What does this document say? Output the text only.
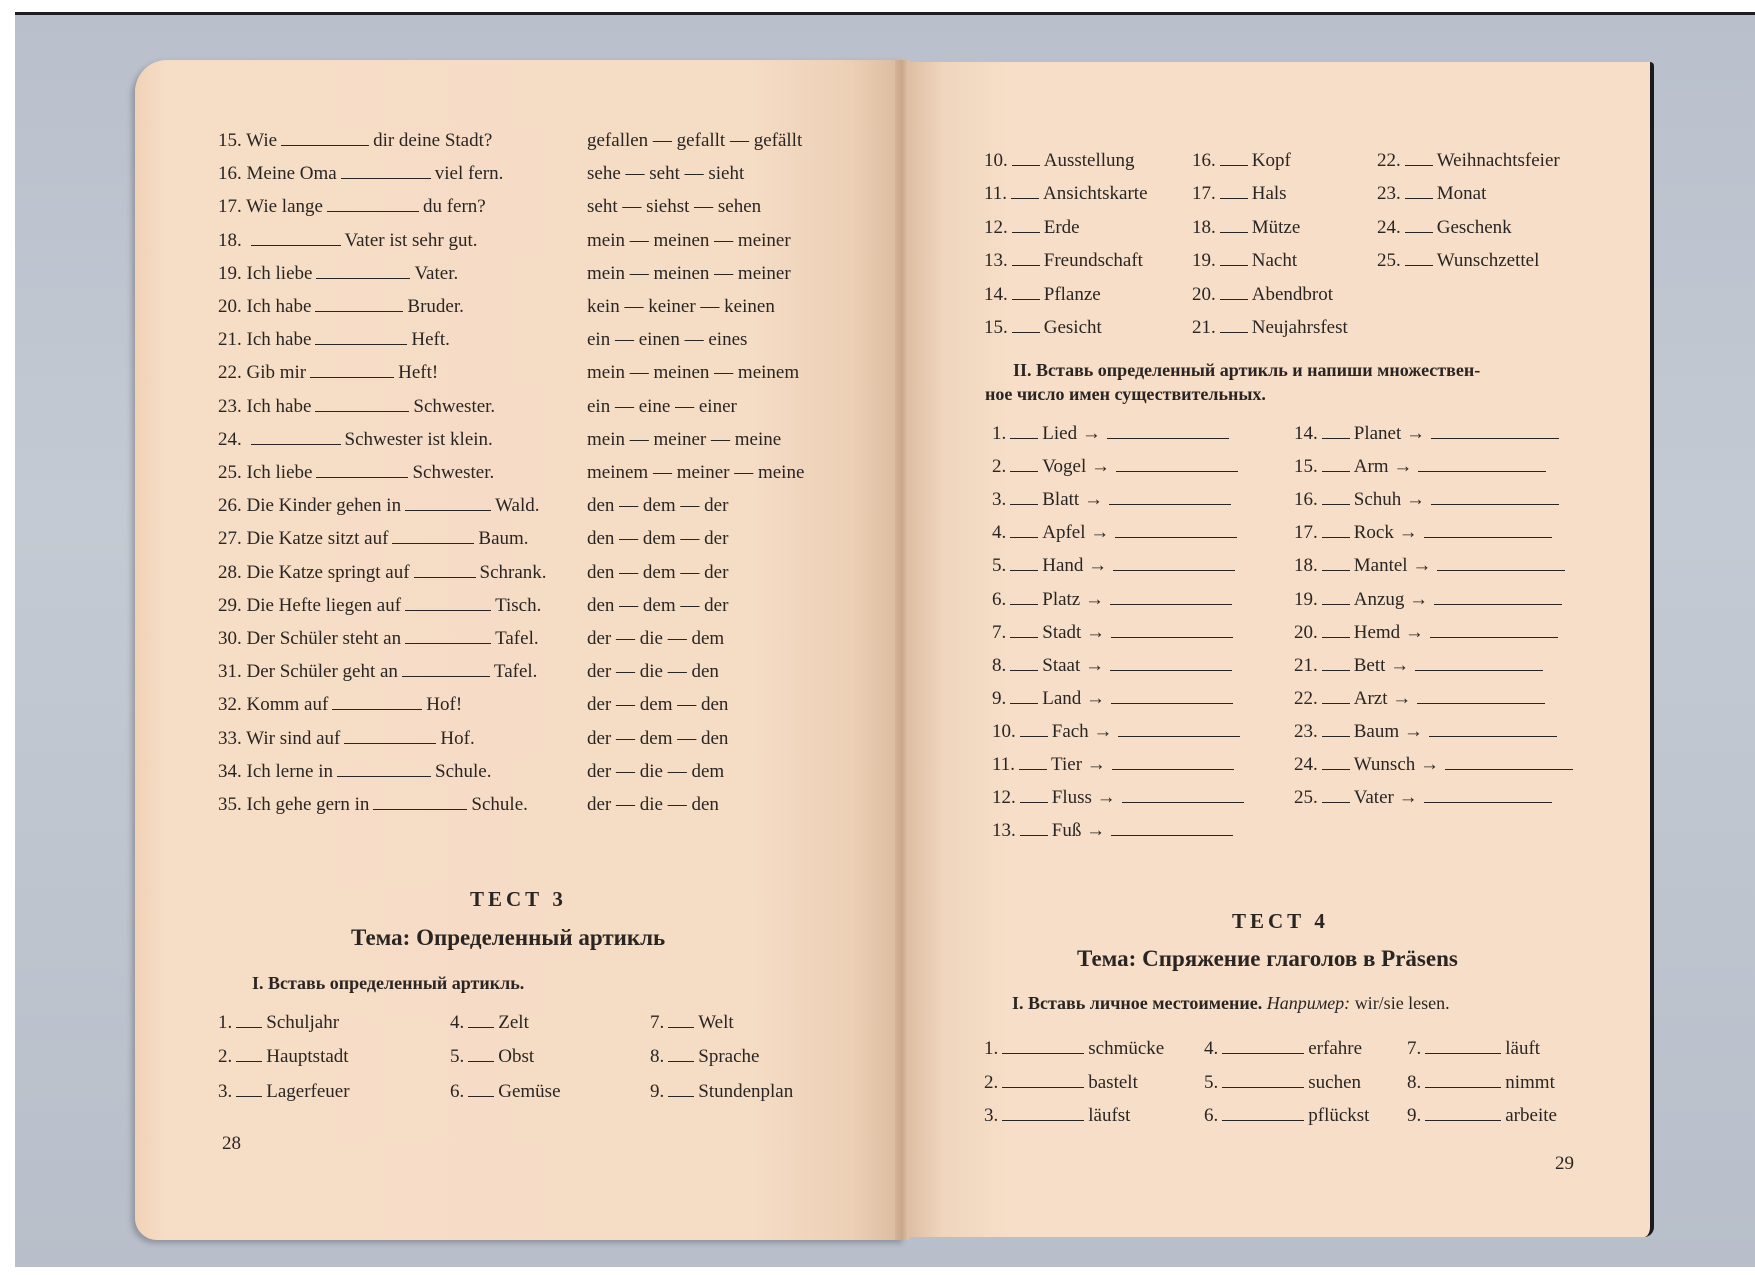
15. Wie	dir deine Stadt?	gefallen — gefallt — gefällt
16. Meine Oma	viel fern.	sehe — seht — sieht
17. Wie lange	du fern?	seht — siehst — sehen
18.	Vater ist sehr gut.	mein — meinen — meiner
19. Ich liebe	Vater.	mein — meinen — meiner
20. Ich habe	Bruder.	kein — keiner — keinen
21. Ich habe	Heft.	ein — einen — eines
22. Gib mir	Heft!	mein — meinen — meinem
23. Ich habe	Schwester.	ein — eine — einer
24.	Schwester ist klein.	mein — meiner — meine
25. Ich liebe	Schwester.	meinem — meiner — meine
26. Die Kinder gehen in	Wald.	den — dem — der
27. Die Katze sitzt auf	Baum.	den — dem — der
28. Die Katze springt auf	Schrank. den — dem — der
29. Die Hefte liegen auf	Tisch. den — dem — der
30. Der Schüler steht an	Tafel.	der — die — dem
31. Der Schüler geht an	Tafel.	der — die — den
32. Komm auf	Hof!	der — dem — den
33. Wir sind auf	Hof.	der — dem — den
34. Ich lerne in	Schule.	der — die — dem
35. Ich gehe gern in	Schule.	der — die — den
ТЕСТ 3
Тема: Определенный артикль
I. Вставь определенный артикль.
1. Schuljahr
2. Hauptstadt
3. Lagerfeuer
4. Zelt
5. Obst
6. Gemüse
7. Welt
8. Sprache
9. Stundenplan
28
10. Ausstellung
11. Ansichtskarte
12. Erde
13. Freundschaft
14. Pflanze
15. Gesicht
16. Kopf
17. Hals
18. Mütze
19. Nacht
20. Abendbrot
21. Neujahrsfest
22. Weihnachtsfeier
23. Monat
24. Geschenk
25. Wunschzettel
II. Вставь определенный артикль и напиши множествен-
ное число имен существительных.
1. Lied →
2. Vogel →
3. Blatt →
4. Apfel →
5. Hand →
6. Platz →
7. Stadt →
8. Staat →
9. Land →
10. Fach →
11. Tier →
12. Fluss →
13. Fuß →
14. Planet →
15. Arm →
16. Schuh →
17. Rock →
18. Mantel →
19. Anzug →
20. Hemd →
21. Bett →
22. Arzt →
23. Baum →
24. Wunsch →
25. Vater →
ТЕСТ 4
Тема: Спряжение глаголов в Präsens
I. Вставь личное местоимение. Например: wir/sie lesen.
1.	schmücke
2.	bastelt
3.	läufst
4.	erfahre
5.	suchen
6.	pflückst
7.	läuft
8.	nimmt
9.	arbeite
29
